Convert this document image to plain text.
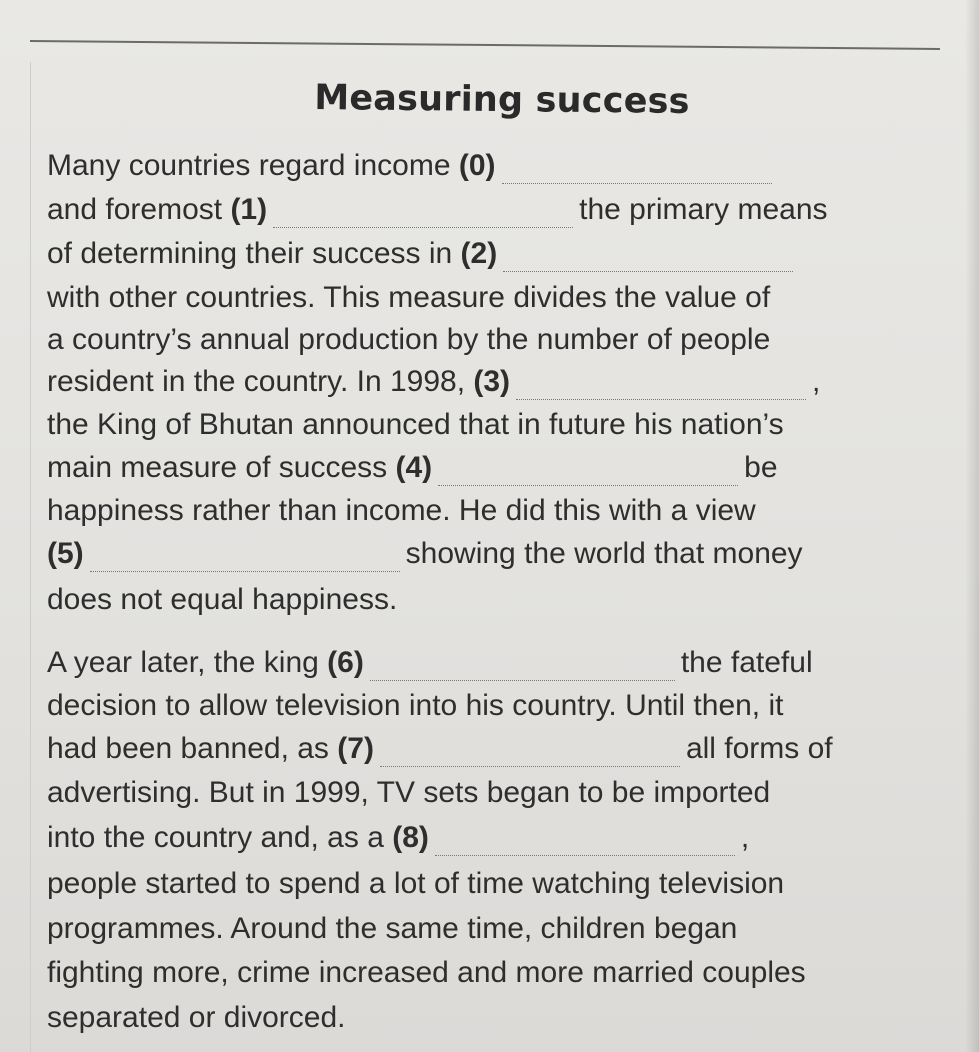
Measuring success
Many countries regard income (0)
and foremost (1)	the primary means
of determining their success in (2)
with other countries. This measure divides the value of
a country’s annual production by the number of people
resident in the country. In 1998, (3)	,
the King of Bhutan announced that in future his nation’s
main measure of success (4)	be
happiness rather than income. He did this with a view
(5)	showing the world that money
does not equal happiness.
A year later, the king (6)	the fateful
decision to allow television into his country. Until then, it
had been banned, as (7)	all forms of
advertising. But in 1999, TV sets began to be imported
into the country and, as a (8)	,
people started to spend a lot of time watching television
programmes. Around the same time, children began
fighting more, crime increased and more married couples
separated or divorced.
